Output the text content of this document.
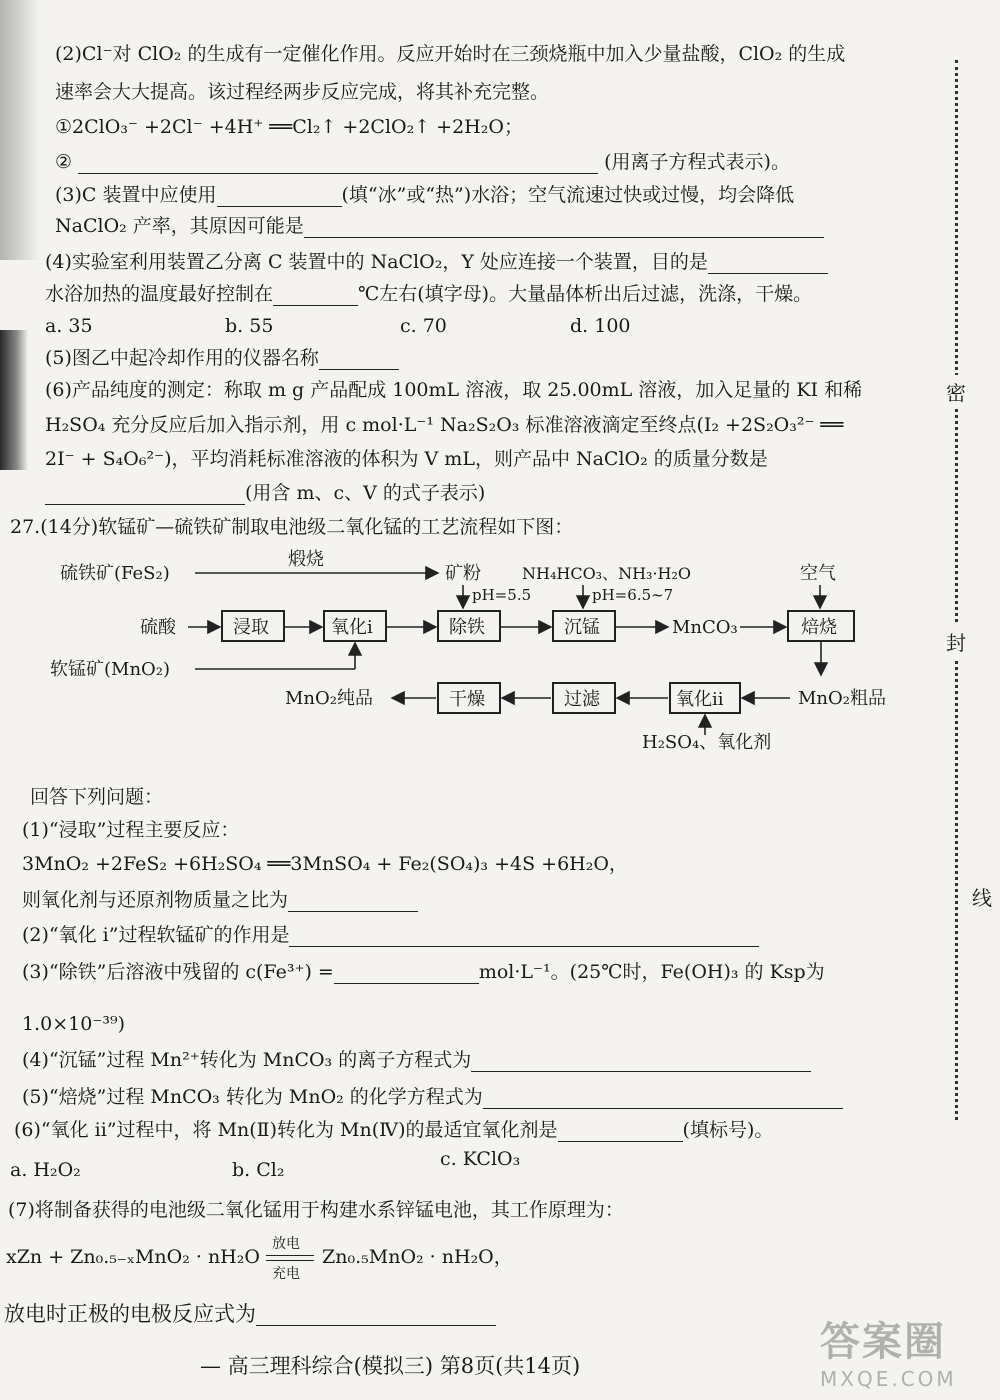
(2)Cl⁻对 ClO₂ 的生成有一定催化作用。反应开始时在三颈烧瓶中加入少量盐酸，ClO₂ 的生成
速率会大大提高。该过程经两步反应完成，将其补充完整。
①2ClO₃⁻ +2Cl⁻ +4H⁺ ══Cl₂↑ +2ClO₂↑ +2H₂O；
②	(用离子方程式表示)。
(3)C 装置中应使用	(填“冰”或“热”)水浴；空气流速过快或过慢，均会降低
NaClO₂ 产率，其原因可能是
(4)实验室利用装置乙分离 C 装置中的 NaClO₂，Y 处应连接一个装置，目的是
水浴加热的温度最好控制在	℃左右(填字母)。大量晶体析出后过滤，洗涤，干燥。
a. 35	b. 55	c. 70	d. 100
(5)图乙中起冷却作用的仪器名称
(6)产品纯度的测定：称取 m g 产品配成 100mL 溶液，取 25.00mL 溶液，加入足量的 KI 和稀
H₂SO₄ 充分反应后加入指示剂，用 c mol·L⁻¹ Na₂S₂O₃ 标准溶液滴定至终点(I₂ +2S₂O₃²⁻ ══
2I⁻ + S₄O₆²⁻)，平均消耗标准溶液的体积为 V mL，则产品中 NaClO₂ 的质量分数是
(用含 m、c、V 的式子表示)
27.(14分)软锰矿—硫铁矿制取电池级二氧化锰的工艺流程如下图：
硫铁矿(FeS₂)
煅烧
矿粉	NH₄HCO₃、NH₃·H₂O	空气
pH=5.5	pH=6.5~7
硫酸	浸取	氧化i	除铁	沉锰	MnCO₃	焙烧
软锰矿(MnO₂)
MnO₂纯品	干燥	过滤	氧化ii	MnO₂粗品
H₂SO₄、氧化剂
回答下列问题：
(1)“浸取”过程主要反应：
3MnO₂ +2FeS₂ +6H₂SO₄ ══3MnSO₄ + Fe₂(SO₄)₃ +4S +6H₂O，
则氧化剂与还原剂物质量之比为
(2)“氧化 i”过程软锰矿的作用是
(3)“除铁”后溶液中残留的 c(Fe³⁺) =	mol·L⁻¹。(25℃时，Fe(OH)₃ 的 Ksp为
1.0×10⁻³⁹)
(4)“沉锰”过程 Mn²⁺转化为 MnCO₃ 的离子方程式为
(5)“焙烧”过程 MnCO₃ 转化为 MnO₂ 的化学方程式为
(6)“氧化 ii”过程中，将 Mn(Ⅱ)转化为 Mn(Ⅳ)的最适宜氧化剂是	(填标号)。
a. H₂O₂	b. Cl₂	c. KClO₃
(7)将制备获得的电池级二氧化锰用于构建水系锌锰电池，其工作原理为：
xZn + Zn₀.₅₋ₓMnO₂ · nH₂O
放电
充电
Zn₀.₅MnO₂ · nH₂O，
放电时正极的电极反应式为
密
封
线
— 高三理科综合(模拟三) 第8页(共14页)
答案圈
MXQE.COM
